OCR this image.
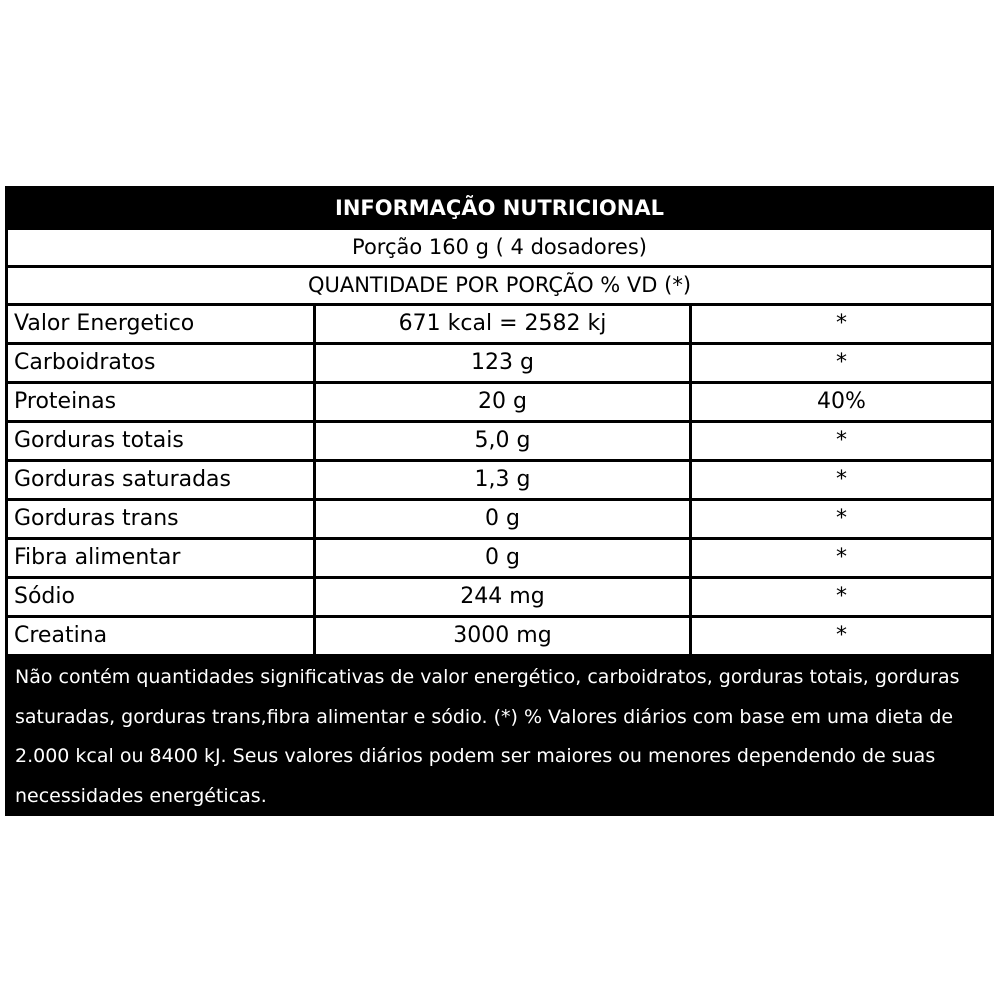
INFORMAÇÃO NUTRICIONAL
Porção 160 g ( 4 dosadores)
QUANTIDADE POR PORÇÃO % VD (*)
Valor Energetico	671 kcal = 2582 kj	*
Carboidratos	123 g	*
Proteinas	20 g	40%
Gorduras totais	5,0 g	*
Gorduras saturadas	1,3 g	*
Gorduras trans	0 g	*
Fibra alimentar	0 g	*
Sódio	244 mg	*
Creatina	3000 mg	*
Não contém quantidades significativas de valor energético, carboidratos, gorduras totais, gorduras saturadas, gorduras trans,fibra alimentar e sódio. (*) % Valores diários com base em uma dieta de 2.000 kcal ou 8400 kJ. Seus valores diários podem ser maiores ou menores dependendo de suas necessidades energéticas.
